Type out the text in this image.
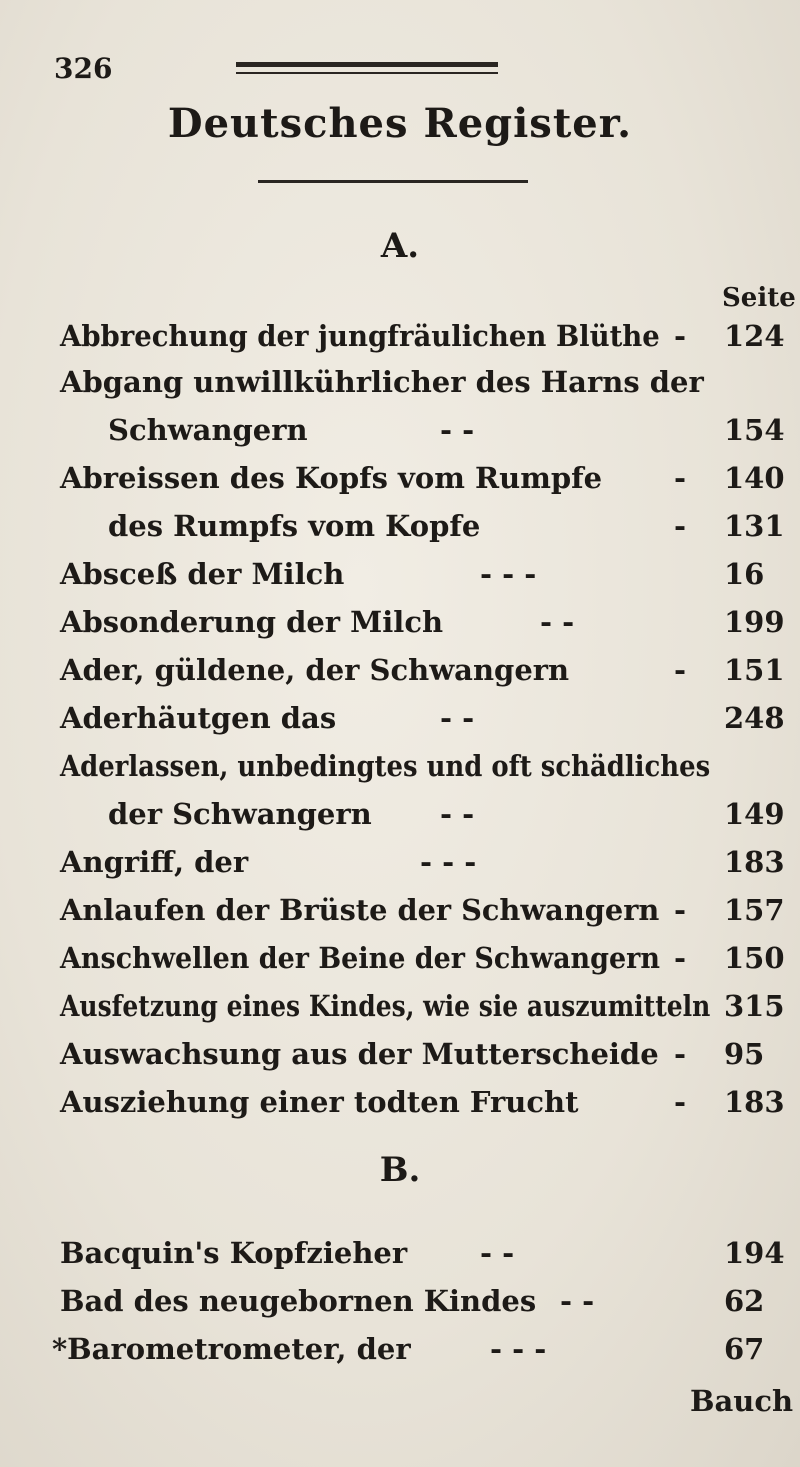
326
Deutsches Register.
A.
Seite
Abbrechung der jungfräulichen Blüthe - 124
Abgang unwillkührlicher des Harns der
Schwangern	- -	154
Abreissen des Kopfs vom Rumpfe - 140
des Rumpfs vom Kopfe	- 131
Absceß der Milch	- - -	16
Absonderung der Milch	- -	199
Ader, güldene, der Schwangern	- 151
Aderhäutgen das	- -	248
Aderlassen, unbedingtes und oft schädliches
der Schwangern - -	149
Angriff, der	- - -	183
Anlaufen der Brüste der Schwangern - 157
Anschwellen der Beine der Schwangern - 150
Ausfetzung eines Kindes, wie sie auszumitteln 315
Auswachsung aus der Mutterscheide - 95
Ausziehung einer todten Frucht	- 183
B.
Bacquin's Kopfzieher	- -	194
Bad des neugebornen Kindes - -	62
*Barometrometer, der	- - -	67
Bauch
